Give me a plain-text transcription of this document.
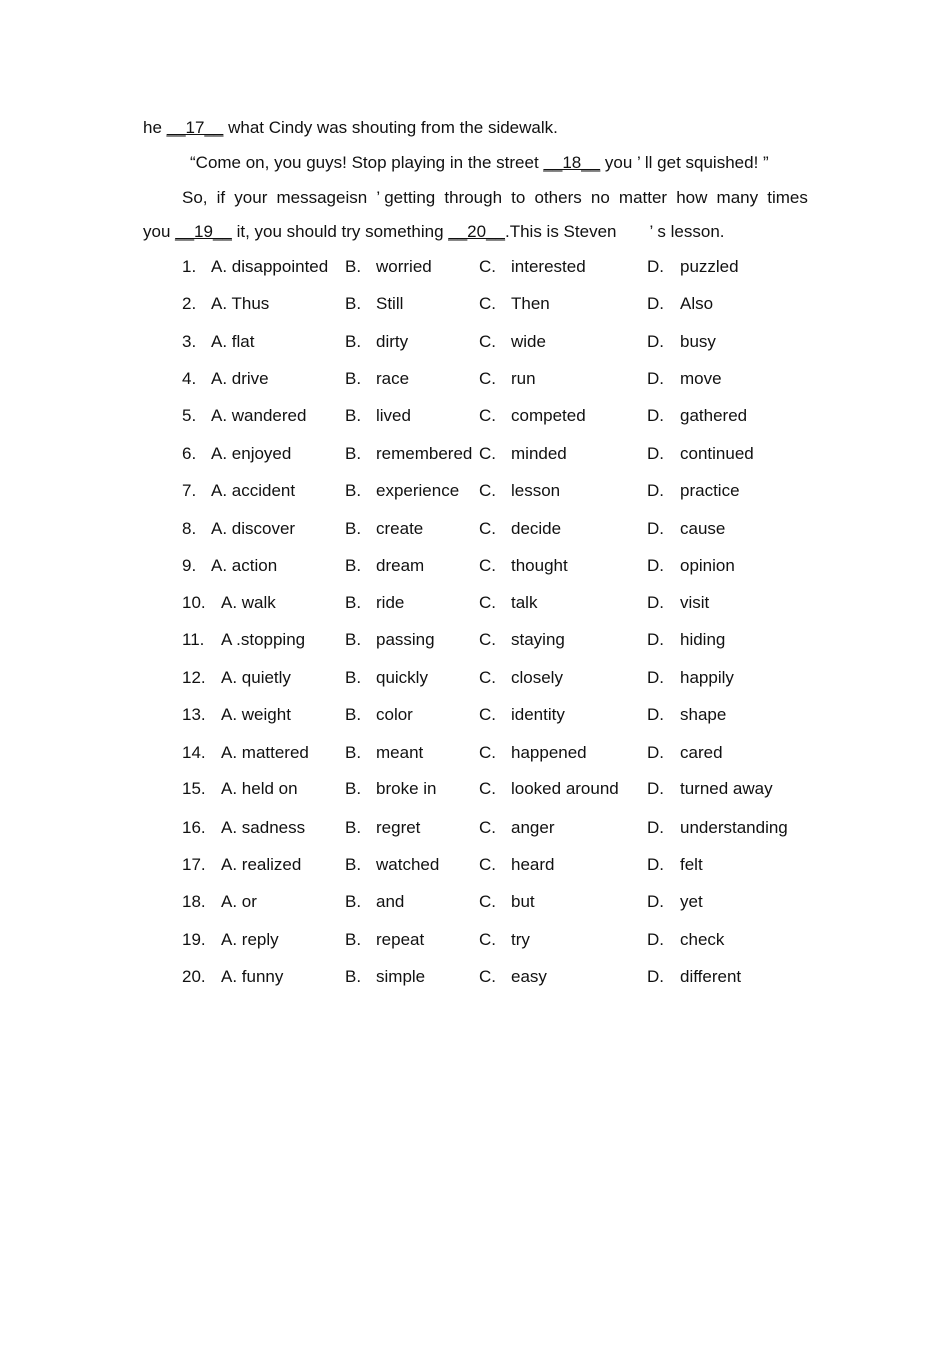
he __17__ what Cindy was shouting from the sidewalk.
“Come on, you guys! Stop playing in the street __18__ you ’ ll get squished! ”
So, if your messageisn ’ getting through to others no matter how many times
you __19__ it, you should try something __20__.This is Steven       ’ s lesson.
1. A. disappointed B. worried	C. interested	D. puzzled
2. A. Thus	B. Still	C. Then	D. Also
3. A. flat	B. dirty	C. wide	D. busy
4. A. drive	B. race	C. run	D. move
5. A. wandered B. lived	C. competed	D. gathered
6. A. enjoyed	B. remembered C. minded	D. continued
7. A. accident	B. experience C. lesson	D. practice
8. A. discover	B. create	C. decide	D. cause
9. A. action	B. dream	C. thought	D. opinion
10. A. walk	B. ride	C. talk	D. visit
11. A .stopping B. passing	C. staying	D. hiding
12. A. quietly	B. quickly	C. closely	D. happily
13. A. weight	B. color	C. identity	D. shape
14. A. mattered B. meant	C. happened	D. cared
15. A. held on	B. broke in	C. looked around D. turned away
16. A. sadness B. regret	C. anger	D. understanding
17. A. realized	B. watched C. heard	D. felt
18. A. or	B. and	C. but	D. yet
19. A. reply	B. repeat	C. try	D. check
20. A. funny	B. simple	C. easy	D. different
